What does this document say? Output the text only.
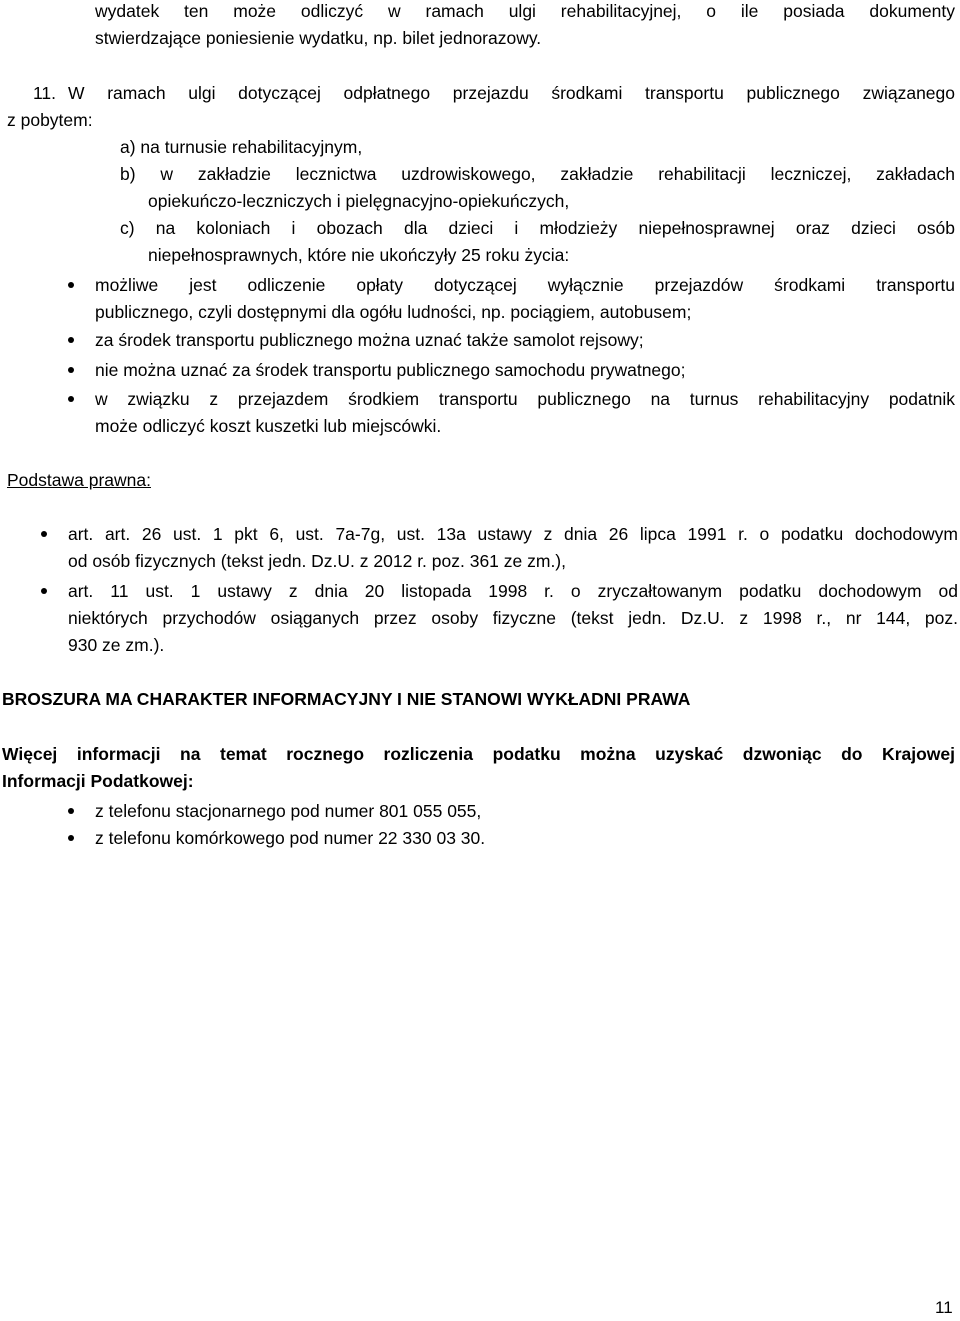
wydatek ten może odliczyć w ramach ulgi rehabilitacyjnej, o ile posiada dokumenty
stwierdzające poniesienie wydatku, np. bilet jednorazowy.
11. W ramach ulgi dotyczącej odpłatnego przejazdu środkami transportu publicznego związanego
z pobytem:
a) na turnusie rehabilitacyjnym,
b) w zakładzie lecznictwa uzdrowiskowego, zakładzie rehabilitacji leczniczej, zakładach
opiekuńczo-leczniczych i pielęgnacyjno-opiekuńczych,
c) na koloniach i obozach dla dzieci i młodzieży niepełnosprawnej oraz dzieci osób
niepełnosprawnych, które nie ukończyły 25 roku życia:
możliwe jest odliczenie opłaty dotyczącej wyłącznie przejazdów środkami transportu
publicznego, czyli dostępnymi dla ogółu ludności, np. pociągiem, autobusem;
za środek transportu publicznego można uznać także samolot rejsowy;
nie można uznać za środek transportu publicznego samochodu prywatnego;
w związku z przejazdem środkiem transportu publicznego na turnus rehabilitacyjny podatnik
może odliczyć koszt kuszetki lub miejscówki.
Podstawa prawna:
art. art. 26 ust. 1 pkt 6, ust. 7a-7g, ust. 13a ustawy z dnia 26 lipca 1991 r. o podatku dochodowym
od osób fizycznych (tekst jedn. Dz.U. z 2012 r. poz. 361 ze zm.),
art. 11 ust. 1 ustawy z dnia 20 listopada 1998 r. o zryczałtowanym podatku dochodowym od
niektórych przychodów osiąganych przez osoby fizyczne (tekst jedn. Dz.U. z 1998 r., nr 144, poz.
930 ze zm.).
BROSZURA MA CHARAKTER INFORMACYJNY I NIE STANOWI WYKŁADNI PRAWA
Więcej informacji na temat rocznego rozliczenia podatku można uzyskać dzwoniąc do Krajowej
Informacji Podatkowej:
z telefonu stacjonarnego pod numer 801 055 055,
z telefonu komórkowego pod numer 22 330 03 30.
11
